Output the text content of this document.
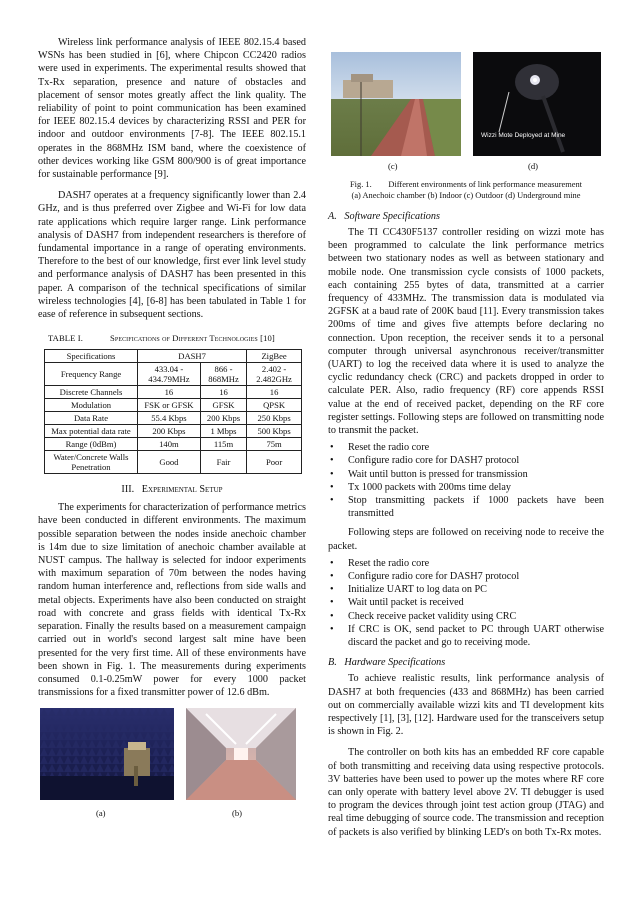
Wireless link performance analysis of IEEE 802.15.4 based WSNs has been studied in [6], where Chipcon CC2420 radios were used in experiments. The experimental results showed that Tx-Rx separation, presence and nature of obstacles and placement of sensor motes greatly affect the link quality. The reliability of point to point communication has been examined for IEEE 802.15.4 devices by characterizing RSSI and PER for indoor and outdoor environments [7-8]. The IEEE 802.15.1 operates in the 868MHz ISM band, where the coexistence of other devices working like GSM 800/900 is of great importance for sustainable performance [9].

DASH7 operates at a frequency significantly lower than 2.4 GHz, and is thus preferred over Zigbee and Wi-Fi for low data rate applications which require larger range. Link performance analysis of DASH7 from independent researchers is therefore of fundamental importance in a range of operating environments. Therefore to the best of our knowledge, first ever link level study and performance analysis of DASH7 has been presented in this paper. A comparison of the technical specifications of similar wireless technologies [4], [6-8] has been tabulated in Table 1 for ease of reference in subsequent sections.

TABLE I.	Specifications of Different Technologies [10]
Specifications	DASH7		ZigBee
Frequency Range	433.04 - 434.79MHz	866 - 868MHz	2.402 - 2.482GHz
Discrete Channels	16	16	16
Modulation	FSK or GFSK	GFSK	QPSK
Data Rate	55.4 Kbps	200 Kbps	250 Kbps
Max potential data rate	200 Kbps	1 Mbps	500 Kbps
Range (0dBm)	140m	115m	75m
Water/Concrete Walls Penetration	Good	Fair	Poor
III.   Experimental Setup

The experiments for characterization of performance metrics have been conducted in different environments. The maximum possible separation between the nodes inside anechoic chamber is 14m due to size limitation of anechoic chamber available at NUST campus. The hallway is selected for indoor experiments with maximum separation of 70m between the nodes having random human interference and, reflections from side walls and metal objects. Experiments have also been conducted on straight road with concrete and grass fields with identical Tx-Rx separation. Finally the results based on a measurement campaign carried out in world's second largest salt mine have been presented for the very first time. All of these environments have been shown in Fig. 1. The measurements during experiments consumed 0.1-0.25mW power for every 1000 packet transmissions for a fixed transmitter power of 12.6 dBm.

(a)	(b)
Wizzi Mote Deployed at Mine
(c)	(d)
Fig. 1.        Different environments of link performance measurement
(a) Anechoic chamber (b) Indoor (c) Outdoor (d) Underground mine
A.   Software Specifications

The TI CC430F5137 controller residing on wizzi mote has been programmed to calculate the link performance metrics between two stationary nodes as well as between stationary and mobile node. One transmission cycle consists of 1000 packets, each containing 255 bytes of data, transmitted at a carrier frequency of 433MHz. The transmission data is modulated via 2GFSK at a baud rate of 200K baud [11]. Every transmission takes 200ms of time and gives five attempts before declaring no connection. Upon reception, the receiver sends it to a personal computer through universal asynchronous receiver/transmitter (UART) to log the received data where it is used to analyze the cyclic redundancy check (CRC) and packets dropped in order to calculate PER. Also, radio frequency (RF) core appends RSSI value at the end of received packet, depending on the RF core register settings. Following steps are followed on transmitting node to transmit the packet.

• Reset the radio core
• Configure radio core for DASH7 protocol
• Wait until button is pressed for transmission
• Tx 1000 packets with 200ms time delay
• Stop transmitting packets if 1000 packets have been transmitted

Following steps are followed on receiving node to receive the packet.

• Reset the radio core
• Configure radio core for DASH7 protocol
• Initialize UART to log data on PC
• Wait until packet is received
• Check receive packet validity using CRC
• If CRC is OK, send packet to PC through UART otherwise discard the packet and go to receiving mode.
B.   Hardware Specifications

To achieve realistic results, link performance analysis of DASH7 at both frequencies (433 and 868MHz) has been carried out on commercially available wizzi kits and TI development kits respectively [1], [3], [12]. Hardware used for the transceivers setup is shown in Fig. 2.

The controller on both kits has an embedded RF core capable of both transmitting and receiving data using respective protocols. 3V batteries have been used to power up the motes where RF core can only operate with battery level above 2V. TI debugger is used to program the devices through joint test action group (JTAG) and real time debugging of source code. The transmission and reception of packets is also verified by blinking LED's on both Tx-Rx motes.
